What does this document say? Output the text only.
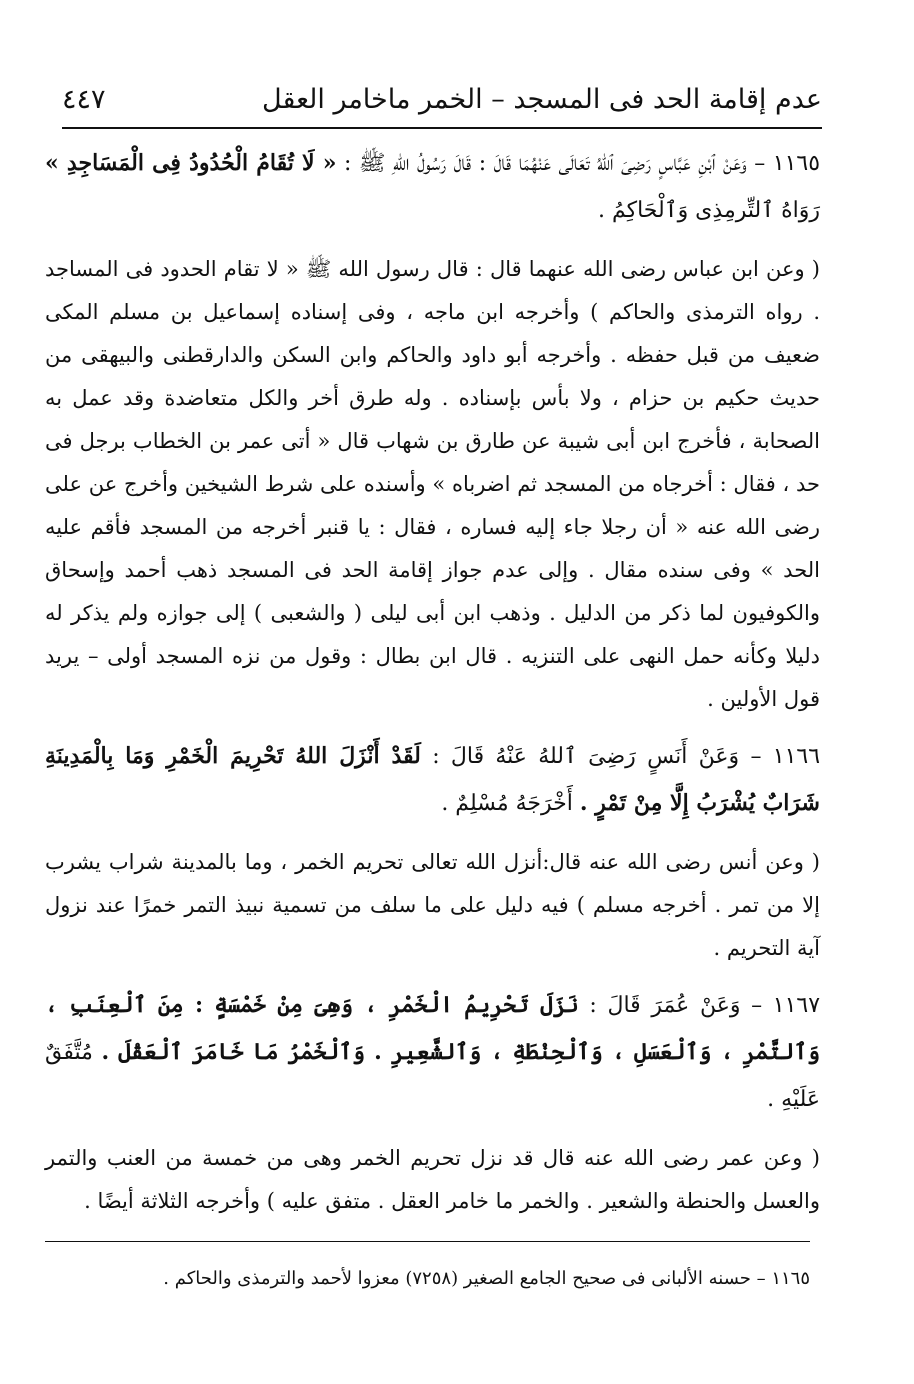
عدم إقامة الحد فى المسجد – الخمر ماخامر العقل
٤٤٧

١١٦٥ – وَعَنْ ٱبْنِ عَبَّاسٍ رَضِىَ ٱللهُ تَعَالَى عَنْهُمَا قَالَ : قَالَ رَسُولُ اللهِ ﷺ : « لَا تُقَامُ الْحُدُودُ فِى الْمَسَاجِدِ » رَوَاهُ ٱلتِّرمِذِى وَٱلْحَاكِمُ .

( وعن ابن عباس رضى الله عنهما قال : قال رسول الله ﷺ « لا تقام الحدود فى المساجد . رواه الترمذى والحاكم ) وأخرجه ابن ماجه ، وفى إسناده إسماعيل بن مسلم المكى ضعيف من قبل حفظه . وأخرجه أبو داود والحاكم وابن السكن والدارقطنى والبيهقى من حديث حكيم بن حزام ، ولا بأس بإسناده . وله طرق أخر والكل متعاضدة وقد عمل به الصحابة ، فأخرج ابن أبى شيبة عن طارق بن شهاب قال « أتى عمر بن الخطاب برجل فى حد ، فقال : أخرجاه من المسجد ثم اضرباه » وأسنده على شرط الشيخين وأخرج عن على رضى الله عنه « أن رجلا جاء إليه فساره ، فقال : يا قنبر أخرجه من المسجد فأقم عليه الحد » وفى سنده مقال . وإلى عدم جواز إقامة الحد فى المسجد ذهب أحمد وإسحاق والكوفيون لما ذكر من الدليل . وذهب ابن أبى ليلى ( والشعبى ) إلى جوازه ولم يذكر له دليلا وكأنه حمل النهى على التنزيه . قال ابن بطال : وقول من نزه المسجد أولى – يريد قول الأولين .

١١٦٦ – وَعَنْ أَنَسٍ رَضِىَ ٱللهُ عَنْهُ قَالَ : لَقَدْ أَنْزَلَ اللهُ تَحْرِيمَ الْخَمْرِ وَمَا بِالْمَدِينَةِ شَرَابٌ يُشْرَبُ إِلَّا مِنْ تَمْرٍ . أَخْرَجَهُ مُسْلِمٌ .

( وعن أنس رضى الله عنه قال:أنزل الله تعالى تحريم الخمر ، وما بالمدينة شراب يشرب إلا من تمر . أخرجه مسلم ) فيه دليل على ما سلف من تسمية نبيذ التمر خمرًا عند نزول آية التحريم .

١١٦٧ – وَعَنْ عُمَرَ قَالَ : نَزَلَ تَحْرِيمُ الْخَمْرِ ، وَهِىَ مِنْ خَمْسَةٍ : مِنَ ٱلْعِنَبِ ، وَٱلتَّمْرِ ، وَٱلْعَسَلِ ، وَٱلْحِنْطَةِ ، وَٱلشَّعِيرِ . وَٱلْخَمْرُ مَا خَامَرَ ٱلْعَقْلَ . مُتَّفَقٌ عَلَيْهِ .

( وعن عمر رضى الله عنه قال قد نزل تحريم الخمر وهى من خمسة من العنب والتمر والعسل والحنطة والشعير . والخمر ما خامر العقل . متفق عليه ) وأخرجه الثلاثة أيضًا .

١١٦٥ – حسنه الألبانى فى صحيح الجامع الصغير (٧٢٥٨) معزوا لأحمد والترمذى والحاكم .
